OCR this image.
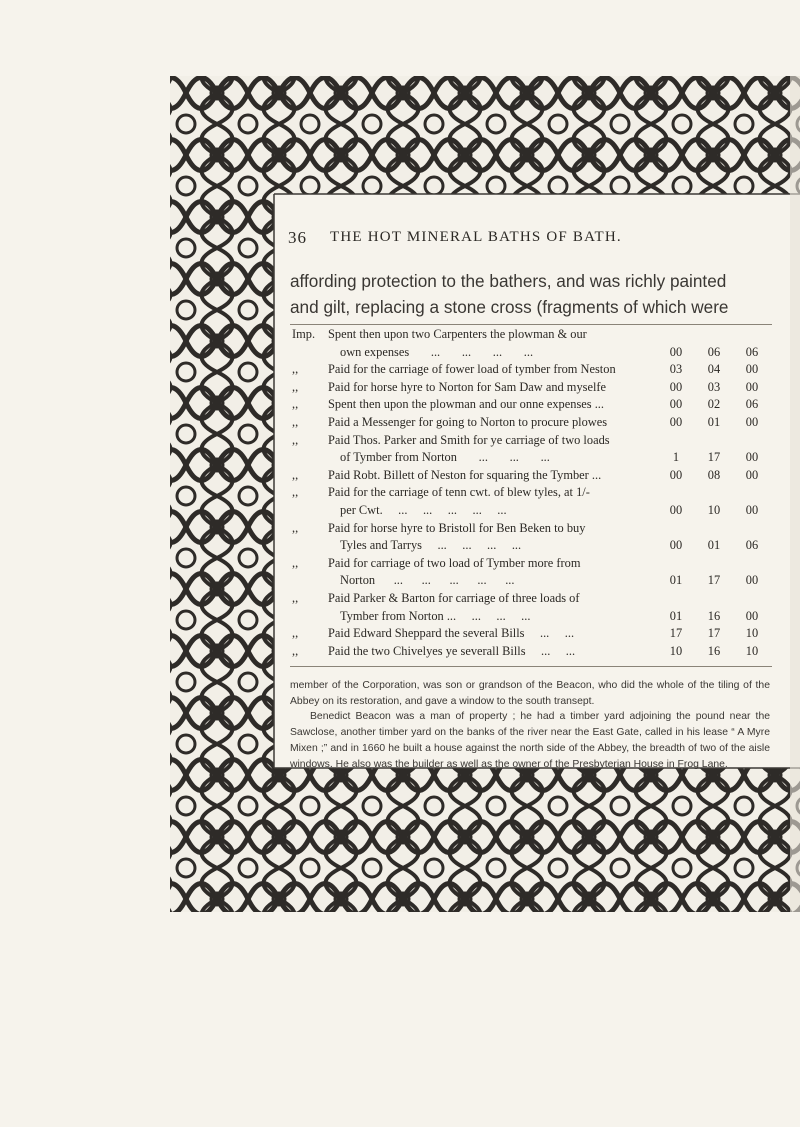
36 THE HOT MINERAL BATHS OF BATH.
affording protection to the bathers, and was richly painted
and gilt, replacing a stone cross (fragments of which were
Imp. Spent then upon two Carpenters the plowman & our
own expenses       ...       ...       ...       ...	00	06	06
,, Paid for the carriage of fower load of tymber from Neston	03	04	00
,, Paid for horse hyre to Norton for Sam Daw and myselfe	00	03	00
,, Spent then upon the plowman and our onne expenses ...	00	02	06
,, Paid a Messenger for going to Norton to procure plowes	00	01	00
,, Paid Thos. Parker and Smith for ye carriage of two loads
of Tymber from Norton       ...       ...       ...	1	17	00
,, Paid Robt. Billett of Neston for squaring the Tymber ...	00	08	00
,, Paid for the carriage of tenn cwt. of blew tyles, at 1/-
per Cwt.     ...     ...     ...     ...     ...	00	10	00
,, Paid for horse hyre to Bristoll for Ben Beken to buy
Tyles and Tarrys     ...     ...     ...     ...	00	01	06
,, Paid for carriage of two load of Tymber more from
Norton      ...      ...      ...      ...      ...	01	17	00
,, Paid Parker & Barton for carriage of three loads of
Tymber from Norton ...     ...     ...     ...	01	16	00
,, Paid Edward Sheppard the several Bills     ...     ...	17	17	10
,, Paid the two Chivelyes ye severall Bills     ...     ...	10	16	10

member of the Corporation, was son or grandson of the Beacon, who did the whole of the tiling of the Abbey on its restoration, and gave a window to the south transept.

Benedict Beacon was a man of property ; he had a timber yard adjoining the pound near the Sawclose, another timber yard on the banks of the river near the East Gate, called in his lease “ A Myre Mixen ;” and in 1660 he built a house against the north side of the Abbey, the breadth of two of the aisle windows. He also was the builder as well as the owner of the Presbyterian House in Frog Lane.
